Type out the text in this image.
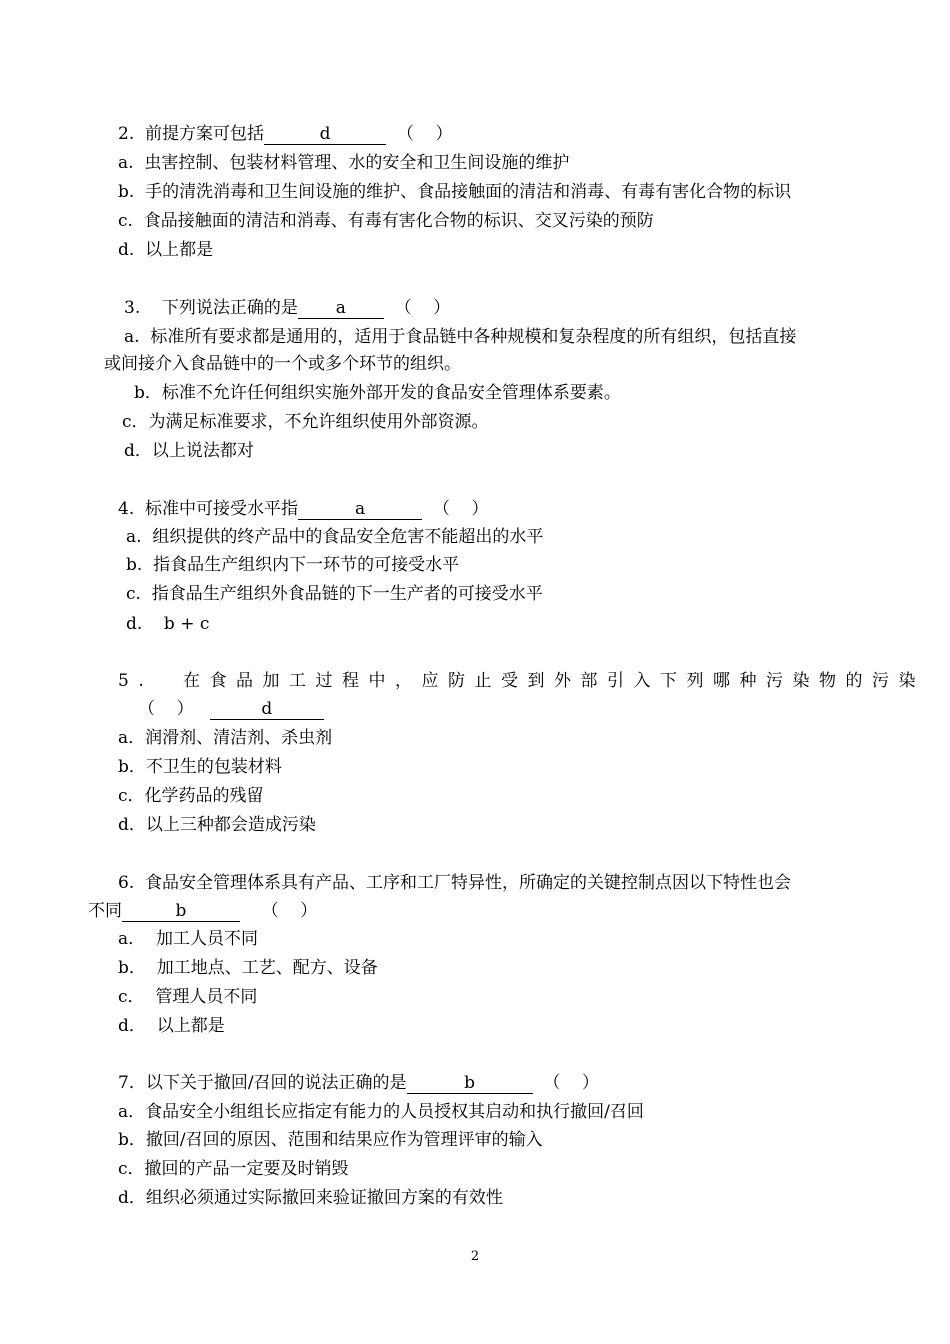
2.  前提方案可包括	d	（    ）
a.  虫害控制、包装材料管理、水的安全和卫生间设施的维护
b.  手的清洗消毒和卫生间设施的维护、食品接触面的清洁和消毒、有毒有害化合物的标识
c.  食品接触面的清洁和消毒、有毒有害化合物的标识、交叉污染的预防
d.  以上都是
3.    下列说法正确的是 a	（    ）
a.  标准所有要求都是通用的，适用于食品链中各种规模和复杂程度的所有组织，包括直接
或间接介入食品链中的一个或多个环节的组织。
b．标准不允许任何组织实施外部开发的食品安全管理体系要素。
c．为满足标准要求，不允许组织使用外部资源。
d．以上说法都对
4.  标准中可接受水平指	a	（    ）
a.  组织提供的终产品中的食品安全危害不能超出的水平
b.  指食品生产组织内下一环节的可接受水平
c.  指食品生产组织外食品链的下一生产者的可接受水平
d.    b + c
5.  在食品加工过程中，应防止受到外部引入下列哪种污染物的污染
（    ）	d
a．润滑剂、清洁剂、杀虫剂
b．不卫生的包装材料
c．化学药品的残留
d．以上三种都会造成污染
6.  食品安全管理体系具有产品、工序和工厂特异性，所确定的关键控制点因以下特性也会
不同	b	（    ）
a．  加工人员不同
b．  加工地点、工艺、配方、设备
c．  管理人员不同
d．  以上都是
7．以下关于撤回/召回的说法正确的是	b	（    ）
a．食品安全小组组长应指定有能力的人员授权其启动和执行撤回/召回
b．撤回/召回的原因、范围和结果应作为管理评审的输入
c．撤回的产品一定要及时销毁
d．组织必须通过实际撤回来验证撤回方案的有效性
2
